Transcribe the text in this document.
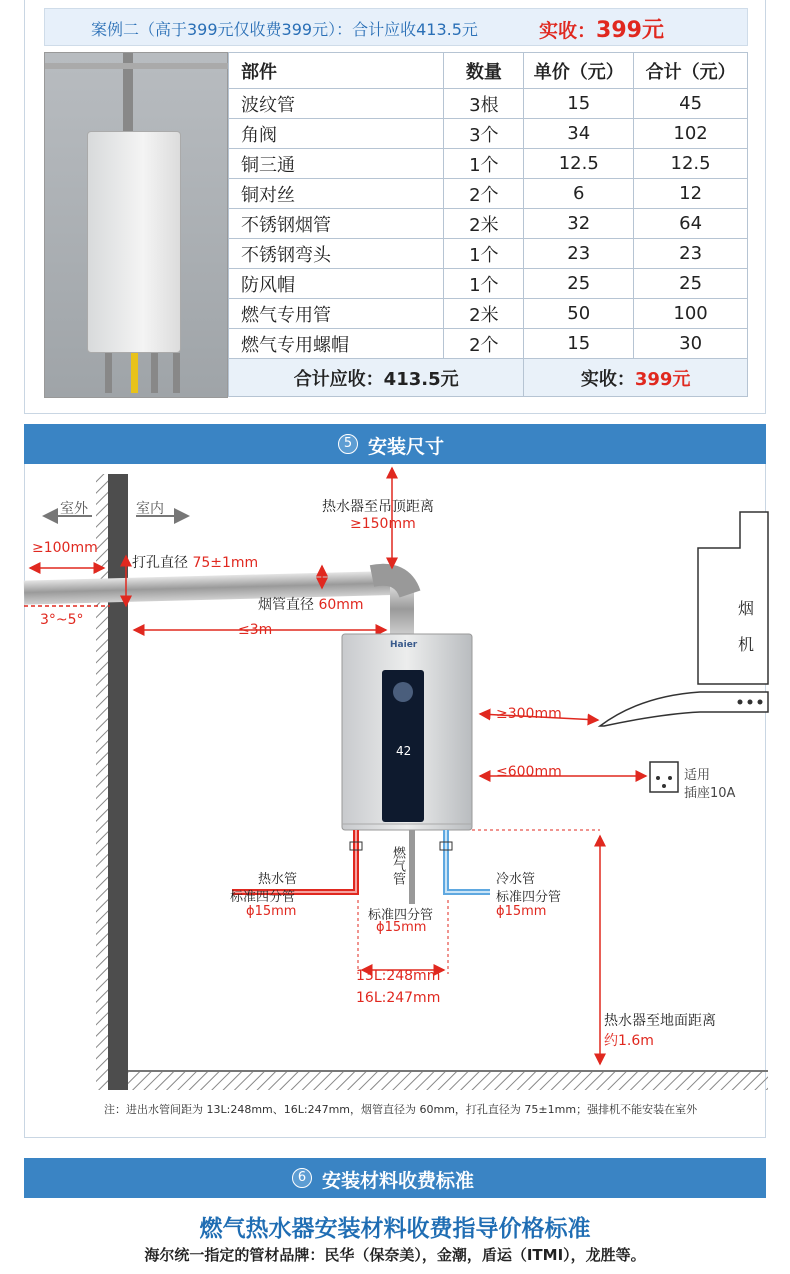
案例二（高于399元仅收费399元）：合计应收413.5元	实收：399元
部件	数量	单价（元）	合计（元）
波纹管	3根	15	45
角阀	3个	34	102
铜三通	1个	12.5	12.5
铜对丝	2个	6	12
不锈钢烟管	2米	32	64
不锈钢弯头	1个	23	23
防风帽	1个	25	25
燃气专用管	2米	50	100
燃气专用螺帽	2个	15	30
合计应收：413.5元		实收：399元	
5 安装尺寸
室外	室内	热水器至吊顶距离
≥150mm
≥100mm
打孔直径 75±1mm
烟管直径 60mm
3°~5°
≤3m
Haier
42
烟
机
≥300mm
≤600mm	适用
插座10A
热水管
标准四分管
ϕ15mm
燃气管
标准四分管
ϕ15mm
冷水管
标准四分管
ϕ15mm
13L:248mm
16L:247mm
热水器至地面距离
约1.6m
注：进出水管间距为 13L:248mm、16L:247mm，烟管直径为 60mm，打孔直径为 75±1mm；强排机不能安装在室外
6 安装材料收费标准
燃气热水器安装材料收费指导价格标准
海尔统一指定的管材品牌：民华（保奈美），金潮，盾运（ITMI），龙胜等。
